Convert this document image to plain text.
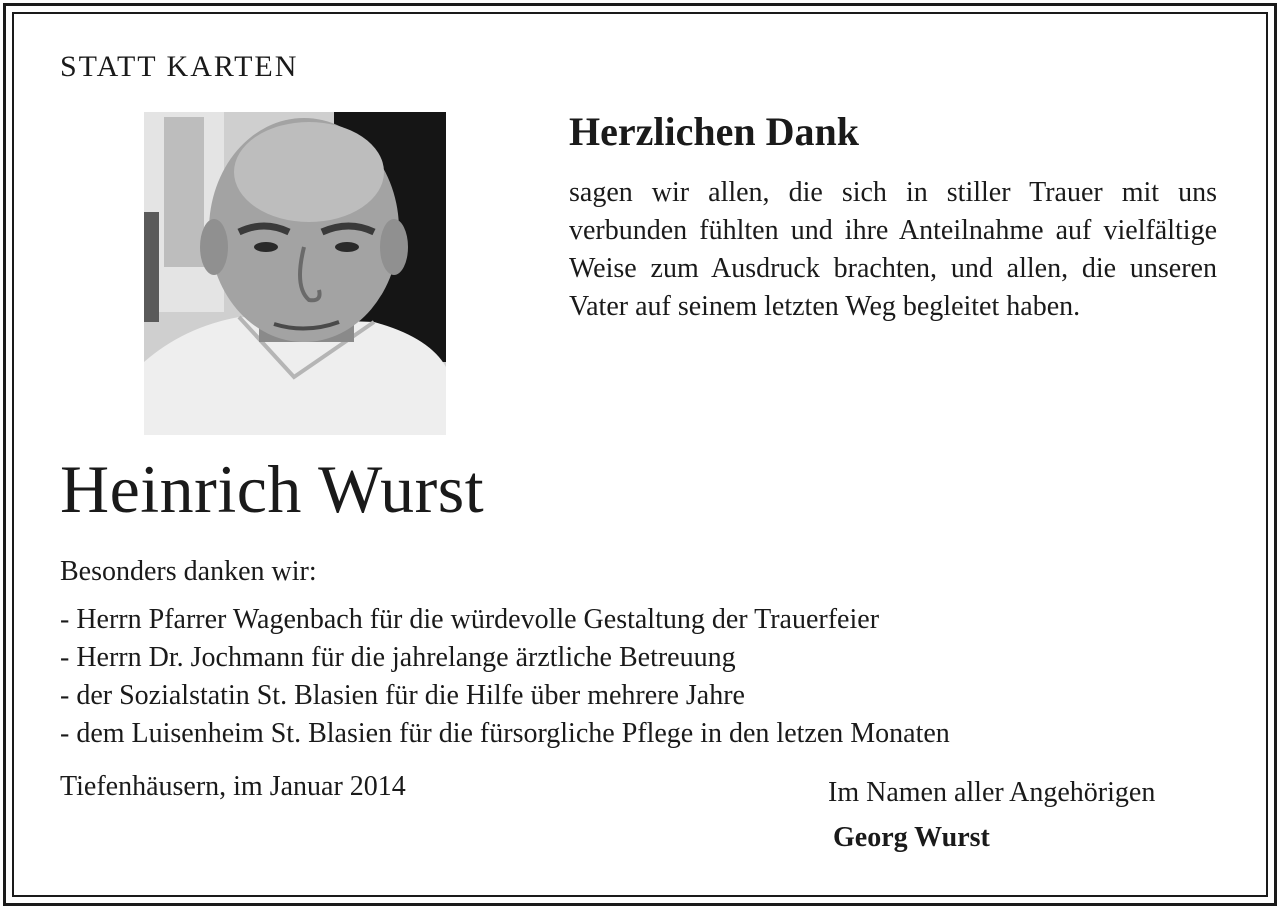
STATT KARTEN
Herzlichen Dank

sagen wir allen, die sich in stiller Trauer mit uns verbunden fühlten und ihre Anteilnahme auf vielfältige Weise zum Ausdruck brachten, und allen, die unseren Vater auf seinem letzten Weg begleitet haben.

Heinrich Wurst
Besonders danken wir:
- Herrn Pfarrer Wagenbach für die würdevolle Gestaltung der Trauerfeier
- Herrn Dr. Jochmann für die jahrelange ärztliche Betreuung
- der Sozialstatin St. Blasien für die Hilfe über mehrere Jahre
- dem Luisenheim St. Blasien für die fürsorgliche Pflege in den letzen Monaten
Tiefenhäusern, im Januar 2014	Im Namen aller Angehörigen
Georg Wurst
